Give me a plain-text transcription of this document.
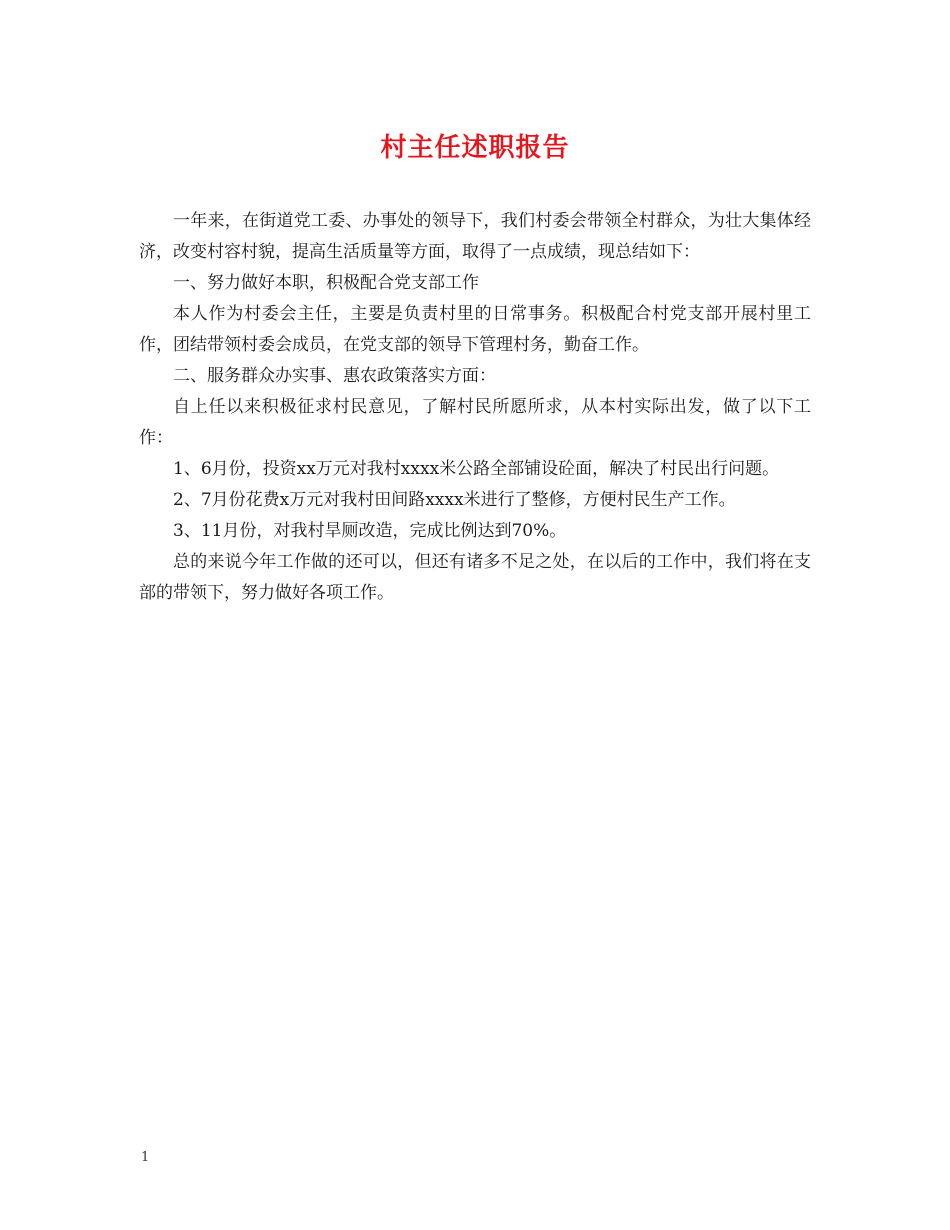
村主任述职报告

一年来，在街道党工委、办事处的领导下，我们村委会带领全村群众，为壮大集体经济，改变村容村貌，提高生活质量等方面，取得了一点成绩，现总结如下：

一、努力做好本职，积极配合党支部工作

本人作为村委会主任，主要是负责村里的日常事务。积极配合村党支部开展村里工作，团结带领村委会成员，在党支部的领导下管理村务，勤奋工作。

二、服务群众办实事、惠农政策落实方面：

自上任以来积极征求村民意见，了解村民所愿所求，从本村实际出发，做了以下工作：

1、6月份，投资xx万元对我村xxxx米公路全部铺设砼面，解决了村民出行问题。

2、7月份花费x万元对我村田间路xxxx米进行了整修，方便村民生产工作。

3、11月份，对我村旱厕改造，完成比例达到70%。

总的来说今年工作做的还可以，但还有诸多不足之处，在以后的工作中，我们将在支部的带领下，努力做好各项工作。

1
